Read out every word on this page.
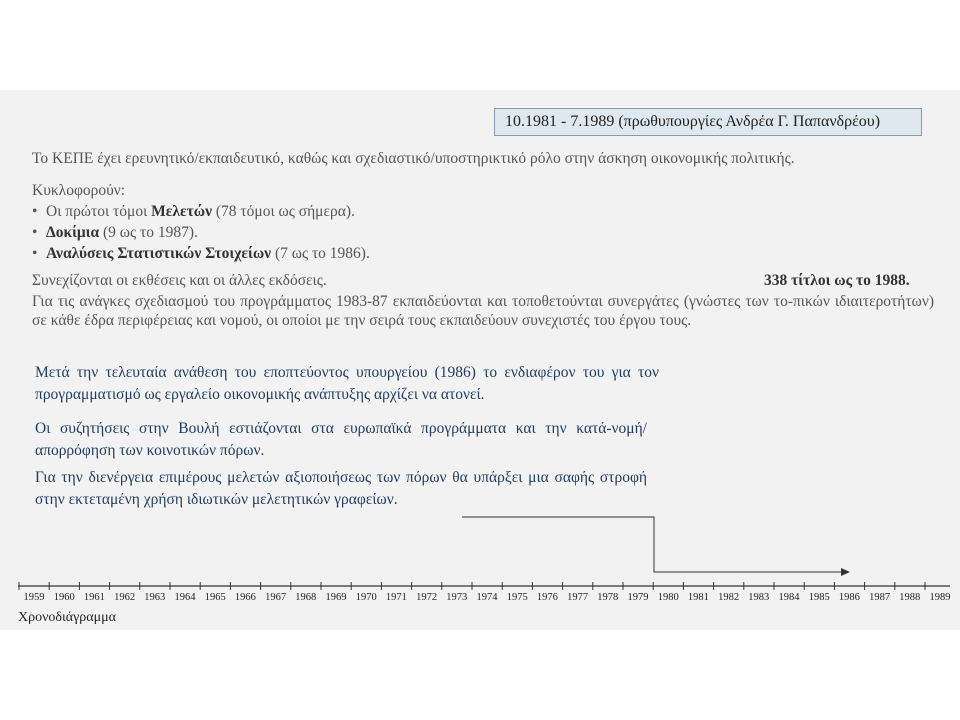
10.1981 - 7.1989 (πρωθυπουργίες Ανδρέα Γ. Παπανδρέου)
Το ΚΕΠΕ έχει ερευνητικό/εκπαιδευτικό, καθώς και σχεδιαστικό/υποστηρικτικό ρόλο στην άσκηση οικονομικής πολιτικής.
Κυκλοφορούν:
• Οι πρώτοι τόμοι Μελετών (78 τόμοι ως σήμερα).
• Δοκίμια (9 ως το 1987).
• Αναλύσεις Στατιστικών Στοιχείων (7 ως το 1986).
Συνεχίζονται οι εκθέσεις και οι άλλες εκδόσεις.	338 τίτλοι ως το 1988.

Για τις ανάγκες σχεδιασμού του προγράμματος 1983-87 εκπαιδεύονται και τοποθετούνται συνεργάτες (γνώστες των το-πικών ιδιαιτεροτήτων) σε κάθε έδρα περιφέρειας και νομού, οι οποίοι με την σειρά τους εκπαιδεύουν συνεχιστές του έργου τους.

Μετά την τελευταία ανάθεση του εποπτεύοντος υπουργείου (1986) το ενδιαφέρον του για τον προγραμματισμό ως εργαλείο οικονομικής ανάπτυξης αρχίζει να ατονεί.

Οι συζητήσεις στην Βουλή εστιάζονται στα ευρωπαϊκά προγράμματα και την κατά-νομή/απορρόφηση των κοινοτικών πόρων.

Για την διενέργεια επιμέρους μελετών αξιοποιήσεως των πόρων θα υπάρξει μια σαφής στροφή στην εκτεταμένη χρήση ιδιωτικών μελετητικών γραφείων.

1959 1960 1961 1962 1963 1964 1965 1966 1967 1968 1969 1970 1971 1972 1973 1974 1975 1976 1977 1978 1979 1980 1981 1982 1983 1984 1985 1986 1987 1988 1989
Χρονοδιάγραμμα
